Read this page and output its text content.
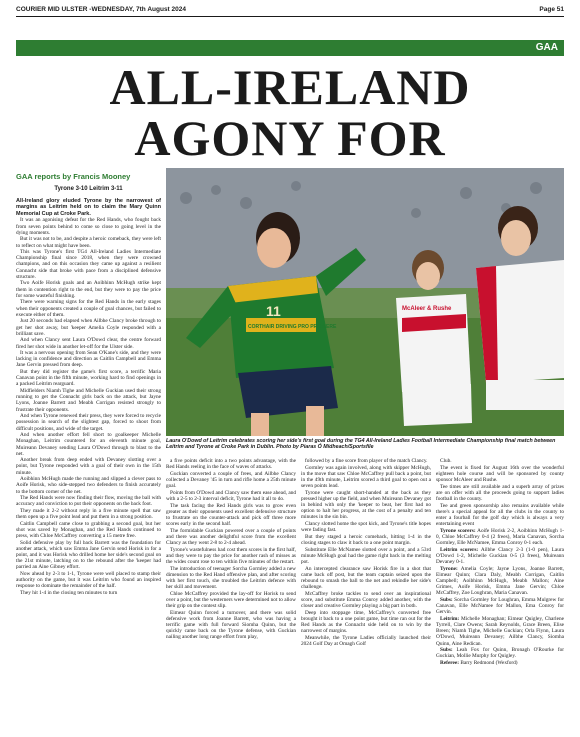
COURIER MID ULSTER -WEDNESDAY, 7th August 2024	Page 51
GAA
ALL-IRELAND
AGONY FOR
GAA reports by Francis Mooney
Tyrone 3-10 Leitrim 3-11

All-Ireland glory eluded Tyrone by the narrowest of margins as Leitrim held on to claim the Mary Quinn Memorial Cup at Croke Park.

It was an agonising defeat for the Red Hands, who fought back from seven points behind to come so close to going level in the dying moments.

But it was not to be, and despite a heroic comeback, they were left to reflect on what might have been.

This was Tyrone's first TG4 All-Ireland Ladies Intermediate Championship final since 2018, when they were crowned champions, and on this occasion they came up against a resilient Connacht side that broke with pace from a disciplined defensive structure.

Two Aoife Horisk goals and an Aoibhinn McHugh strike kept them in contention right to the end, but they were to pay the price for some wasteful finishing.

There were warning signs for the Red Hands in the early stages when their opponents created a couple of goal chances, but failed to execute either of them.

Just 20 seconds had elapsed when Ailbhe Clancy broke through to get her shot away, but 'keeper Amelia Coyle responded with a brilliant save.

And when Clancy sent Laura O'Dowd clear, the centre forward fired her shot wide in another let-off for the Ulster side.

It was a nervous opening from Sean O'Kane's side, and they were lacking in confidence and direction as Caitlin Campbell and Emma Jane Gervin pressed from deep.

But they did register the game's first score, a terrific Maria Canavan point in the fifth minute, working hard to find openings in a packed Leitrim rearguard.

Midfielders Niamh Tighe and Michelle Guckian used their strong running to get the Connacht girls back on the attack, but Jayne Lyons, Joanne Barrett and Meabh Corrigan resisted strongly to frustrate their opponents.

And when Tyrone renewed their press, they were forced to recycle possession in search of the slightest gap, forced to shoot from difficult positions, and wide of the target.

And when another effort fell short to goalkeeper Michelle Monaghan, Leitrim countered for an eleventh minute goal, Muireann Devaney sending Laura O'Dowd through to blast to the net.

Another break from deep ended with Devaney slotting over a point, but Tyrone responded with a goal of their own in the 15th minute.

Aoibhinn McHugh made the running and slipped a clever pass to Aoife Horisk, who side-stepped two defenders to finish accurately to the bottom corner of the net.

The Red Hands were now finding their flow, moving the ball with accuracy and conviction to put their opponents on the back foot.

They made it 2-2 without reply in a five minute spell that saw them open up a five point lead and put them in a strong position.

Caitlin Campbell came close to grabbing a second goal, but her shot was saved by Monaghan, and the Red Hands continued to press, with Chloe McCaffrey converting a 15 metre free.

Solid defensive play by full back Barrett was the foundation for another attack, which saw Emma Jane Gervin send Horisk in for a point, and it was Horisk who drilled home her side's second goal on the 21st minute, latching on to the rebound after the 'keeper had parried an Aine Gibney effort.

Now ahead by 2-3 to 1-1, Tyrone were well placed to stamp their authority on the game, but it was Leitrim who found an inspired response to dominate the remainder of the half.

They hit 1-4 in the closing ten minutes to turn

11
CORTHAIR DRIVING PRO PREMIERE
McAleer & Rushe
Laura O'Dowd of Leitrim celebrates scoring her side's first goal during the TG4 All-Ireland Ladies Football Intermediate Championship final match between Leitrim and Tyrone at Croke Park in Dublin. Photo by Piaras Ó Mídheach/Sportsfile

a five points deficit into a two points advantage, with the Red Hands reeling in the face of waves of attacks.

Guckian converted a couple of frees, and Ailbhe Clancy collected a Devaney '45 in turn and rifle home a 25th minute goal.

Points from O'Dowd and Clancy saw them ease ahead, and with a 2-5 to 2-3 interval deficit, Tyrone had it all to do.

The task facing the Red Hands girls was to grow even greater as their opponents used excellent defensive structure to frustrate on the counter-attack and pick off three more scores early in the second half.

The formidable Guckian powered over a couple of points and there was another delightful score from the excellent Clancy as they went 2-8 to 2-4 ahead.

Tyrone's wastefulness had cost them scores in the first half, and they were to pay the price for another rash of misses as the wides count rose to ten within five minutes of the restart.

The introduction of teenager Sorcha Gormley added a new dimension to the Red Hand offensive plan, and after scoring with her first touch, she troubled the Leitrim defence with her skill and movement.

Chloe McCaffrey provided the lay-off for Horisk to send over a point, but the westerners were determined not to allow their grip on the contest slip.

Eimear Quinn forced a turnover, and there was solid defensive work from Joanne Barrett, who was having a terrific game with full forward Siomha Quinn, but the quickly came back on the Tyrone defense, with Guckian nailing another long range effort from play,

followed by a fine score from player of the match Clancy.

Gormley was again involved, along with skipper McHugh, in the move that saw Chloe McCaffrey pull back a point, but in the 49th minute, Leitrim scored a third goal to open out a seven points lead.

Tyrone were caught short-handed at the back as they pressed higher up the field, and when Muireann Devaney got in behind with only the 'keeper to beat, her first had no option to halt her progress, at the cost of a penalty and ten minutes in the sin bin.

Clancy slotted home the spot kick, and Tyrone's title hopes were fading fast.

But they staged a heroic comeback, hitting 1-4 in the closing stages to claw it back to a one point margin.

Substitute Elle McNamee slotted over a point, and a 53rd minute McHugh goal had the game right back in the melting pot.

An intercepted clearance saw Horisk fire in a shot that came back off post, but the team captain seized upon the rebound to smash the ball to the net and rekindle her side's challenge.

McCaffrey broke tackles to send over an inspirational score, and substitute Emma Conroy added another, with the closer and creative Gormley playing a big part in both.

Deep into stoppage time, McCaffrey's converted free brought it back to a one point game, but time ran out for the Red Hands as the Connacht side held on to win by the narrowest of margins.

Meanwhile, the Tyrone Ladies officially launched their 2024 Golf Day at Omagh Golf

Club.

The event is fixed for August 16th over the wonderful eighteen hole course and will be sponsored by county sponsor McAleer and Rushe.

Tee times are still available and a superb array of prizes are on offer with all the proceeds going to support ladies football in the county.

Tee and green sponsorship also remains available while there's a special appeal for all the clubs in the county to enter a fourball for the golf day which is always a very entertaining event

Tyrone scorers: Aoife Horisk 2-2, Aoibhinn McHugh 1-0, Chloe McCaffrey 0-4 (2 frees), Maria Canavan, Sorcha Gormley, Elle McNamee, Emma Conroy 0-1 each.

Leitrim scorers: Ailbhe Clancy 2-3 (1-0 pen), Laura O'Dowd 1-2, Michelle Guckian 0-5 (3 frees), Muireann Devaney 0-1.

Tyrone: Amelia Coyle; Jayne Lyons, Joanne Barrett, Eimear Quinn; Clara Daly, Meabh Corrigan, Caitlin Campbell; Aoibhinn McHugh, Meabh Mallon; Aine Grimes, Aoife Horisk, Emma Jane Gervin; Chloe McCaffrey, Zoe Loughran, Maria Canavan.

Subs: Sorcha Gormley for Loughran, Emma Mulgrew for Canavan, Elle McNamee for Mallon, Ema Conroy for Gervin.

Leitrim: Michelle Monaghan; Eimear Quigley, Charlene Tyrrell, Clare Owens; Sarah Reynolds, Grace Breen, Elise Breen; Niamh Tighe, Michelle Guckian; Orla Flynn, Laura O'Dowd, Muireann Devaney; Ailbhe Clancy, Siomha Quinn, Aine Redican.

Subs: Leah Fox for Quinn, Bronagh O'Rourke for Guckian, Mollie Murphy for Quigley.

Referee: Barry Redmond (Wexford)
